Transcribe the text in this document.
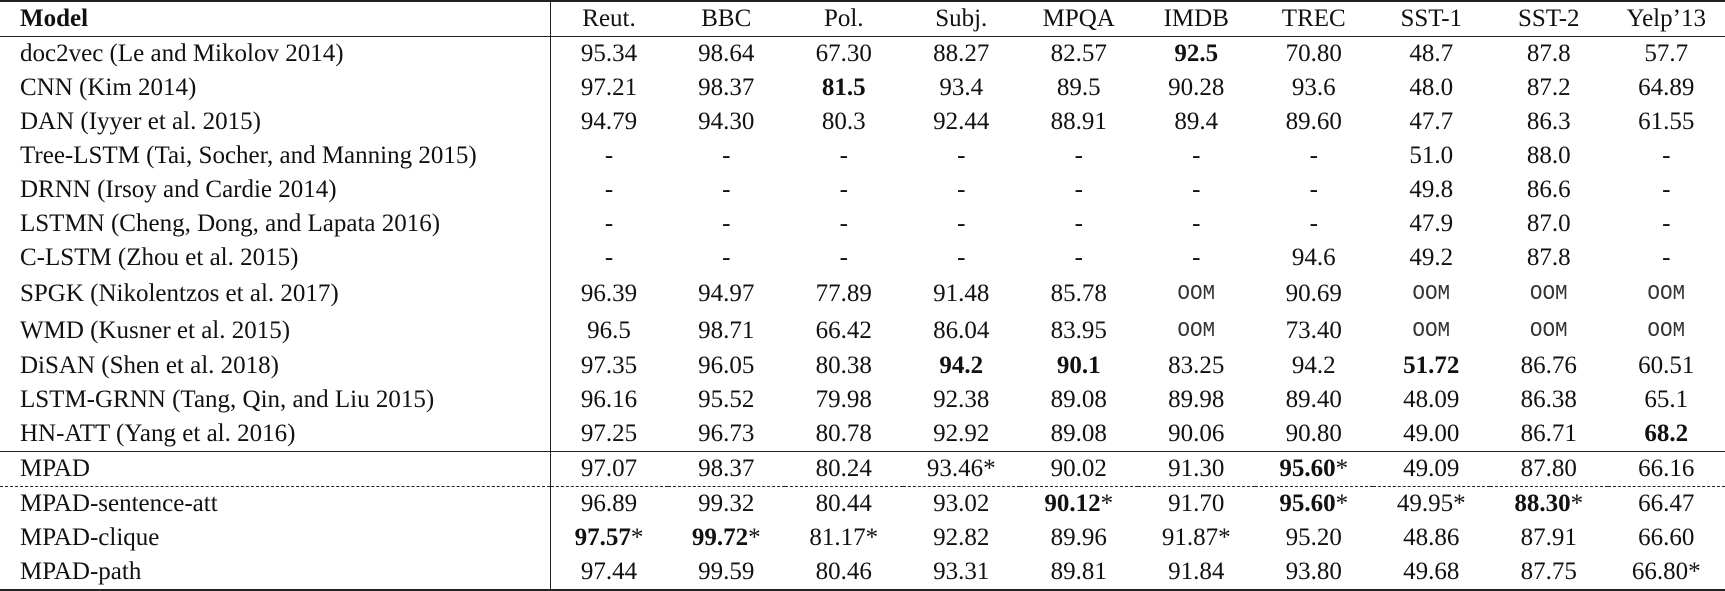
Model	Reut.	BBC	Pol.	Subj.	MPQA	IMDB	TREC	SST-1	SST-2	Yelp’13
doc2vec (Le and Mikolov 2014)	95.34	98.64	67.30	88.27	82.57	92.5	70.80	48.7	87.8	57.7
CNN (Kim 2014)	97.21	98.37	81.5	93.4	89.5	90.28	93.6	48.0	87.2	64.89
DAN (Iyyer et al. 2015)	94.79	94.30	80.3	92.44	88.91	89.4	89.60	47.7	86.3	61.55
Tree-LSTM (Tai, Socher, and Manning 2015)	-	-	-	-	-	-	-	51.0	88.0	-
DRNN (Irsoy and Cardie 2014)	-	-	-	-	-	-	-	49.8	86.6	-
LSTMN (Cheng, Dong, and Lapata 2016)	-	-	-	-	-	-	-	47.9	87.0	-
C-LSTM (Zhou et al. 2015)	-	-	-	-	-	-	94.6	49.2	87.8	-
SPGK (Nikolentzos et al. 2017)	96.39	94.97	77.89	91.48	85.78	OOM	90.69	OOM	OOM	OOM
WMD (Kusner et al. 2015)	96.5	98.71	66.42	86.04	83.95	OOM	73.40	OOM	OOM	OOM
DiSAN (Shen et al. 2018)	97.35	96.05	80.38	94.2	90.1	83.25	94.2	51.72	86.76	60.51
LSTM-GRNN (Tang, Qin, and Liu 2015)	96.16	95.52	79.98	92.38	89.08	89.98	89.40	48.09	86.38	65.1
HN-ATT (Yang et al. 2016)	97.25	96.73	80.78	92.92	89.08	90.06	90.80	49.00	86.71	68.2
MPAD	97.07	98.37	80.24	93.46*	90.02	91.30	95.60*	49.09	87.80	66.16
MPAD-sentence-att	96.89	99.32	80.44	93.02	90.12*	91.70	95.60*	49.95*	88.30*	66.47
MPAD-clique	97.57*	99.72*	81.17*	92.82	89.96	91.87*	95.20	48.86	87.91	66.60
MPAD-path	97.44	99.59	80.46	93.31	89.81	91.84	93.80	49.68	87.75	66.80*
